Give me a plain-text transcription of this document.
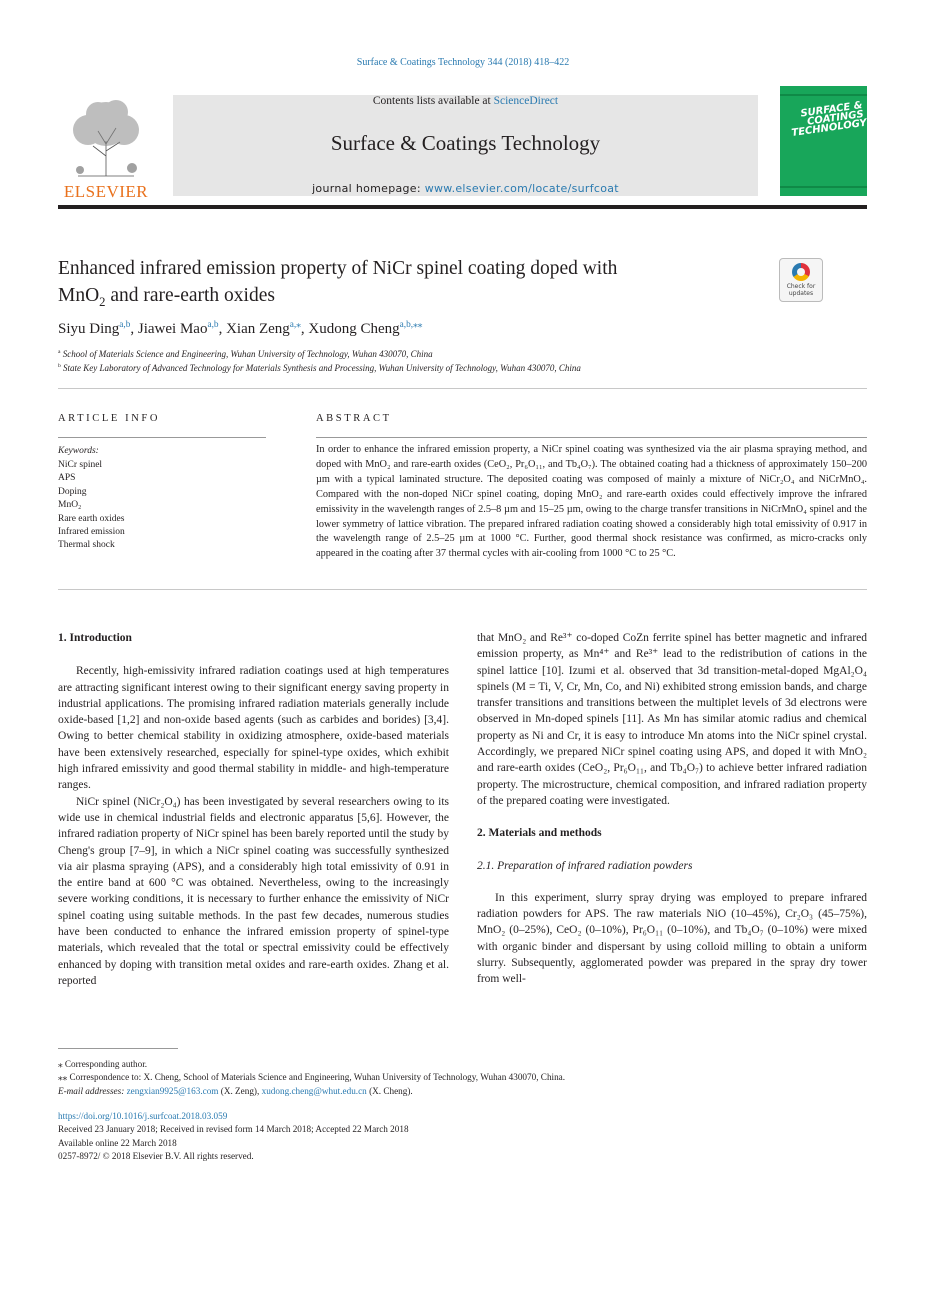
Surface & Coatings Technology 344 (2018) 418–422
ELSEVIER
Contents lists available at ScienceDirect
Surface & Coatings Technology
journal homepage: www.elsevier.com/locate/surfcoat
SURFACE & COATINGS TECHNOLOGY
Enhanced infrared emission property of NiCr spinel coating doped with
MnO$_2$ and rare-earth oxides	Check for updates
Siyu Ding$^{a,b}$, Jiawei Mao$^{a,b}$, Xian Zeng$^{a,⁎}$, Xudong Cheng$^{a,b,⁎⁎}$
$^a$ School of Materials Science and Engineering, Wuhan University of Technology, Wuhan 430070, China
$^b$ State Key Laboratory of Advanced Technology for Materials Synthesis and Processing, Wuhan University of Technology, Wuhan 430070, China
ARTICLE INFO
Keywords:
NiCr spinel
APS
Doping
MnO₂
Rare earth oxides
Infrared emission
Thermal shock
ABSTRACT
In order to enhance the infrared emission property, a NiCr spinel coating was synthesized via the air plasma spraying method, and doped with MnO₂ and rare-earth oxides (CeO₂, Pr₆O₁₁, and Tb₄O₇). The obtained coating had a thickness of approximately 150–200 µm with a typical laminated structure. The deposited coating was composed of mainly a mixture of NiCr₂O₄ and NiCrMnO₄. Compared with the non-doped NiCr spinel coating, doping MnO₂ and rare-earth oxides could effectively improve the infrared emissivity in the wavelength ranges of 2.5–8 µm and 15–25 µm, owing to the charge transfer transitions in NiCrMnO₄ spinel and the lower symmetry of lattice vibration. The prepared infrared radiation coating showed a considerably high total emissivity of 0.917 in the wavelength range of 2.5–25 µm at 1000 °C. Further, good thermal shock resistance was confirmed, as micro-cracks only appeared in the coating after 37 thermal cycles with air-cooling from 1000 °C to 25 °C.

1. Introduction

Recently, high-emissivity infrared radiation coatings used at high temperatures are attracting significant interest owing to their significant energy saving property in industrial applications. The promising infrared radiation materials generally include oxide-based [1,2] and non-oxide based agents (such as carbides and borides) [3,4]. Owing to better chemical stability in oxidizing atmosphere, oxide-based materials have been extensively researched, especially for spinel-type oxides, which exhibit high infrared emissivity and good thermal stability in middle- and high-temperature ranges.

NiCr spinel (NiCr₂O₄) has been investigated by several researchers owing to its wide use in chemical industrial fields and electronic apparatus [5,6]. However, the infrared radiation property of NiCr spinel has been barely reported until the study by Cheng's group [7–9], in which a NiCr spinel coating was successfully synthesized via air plasma spraying (APS), and a considerably high total emissivity of 0.91 in the entire band at 600 °C was obtained. Nevertheless, owing to the increasingly severe working conditions, it is necessary to further enhance the emissivity of NiCr spinel coating using suitable methods. In the past few decades, numerous studies have been conducted to enhance the infrared emission property of spinel-type materials, which revealed that the total or spectral emissivity could be effectively enhanced by doping with transition metal oxides and rare-earth oxides. Zhang et al. reported

that MnO₂ and Re³⁺ co-doped CoZn ferrite spinel has better magnetic and infrared emission property, as Mn⁴⁺ and Re³⁺ lead to the redistribution of cations in the spinel lattice [10]. Izumi et al. observed that 3d transition-metal-doped MgAl₂O₄ spinels (M = Ti, V, Cr, Mn, Co, and Ni) exhibited strong emission bands, and charge transfer transitions and transitions between the multiplet levels of 3d electrons were observed in Mn-doped spinels [11]. As Mn has similar atomic radius and chemical property as Ni and Cr, it is easy to introduce Mn atoms into the NiCr spinel crystal. Accordingly, we prepared NiCr spinel coating using APS, and doped it with MnO₂ and rare-earth oxides (CeO₂, Pr₆O₁₁, and Tb₄O₇) to achieve better infrared radiation property. The microstructure, chemical composition, and infrared radiation property of the prepared coating were investigated.

2. Materials and methods

2.1. Preparation of infrared radiation powders

In this experiment, slurry spray drying was employed to prepare infrared radiation powders for APS. The raw materials NiO (10–45%), Cr₂O₃ (45–75%), MnO₂ (0–25%), CeO₂ (0–10%), Pr₆O₁₁ (0–10%), and Tb₄O₇ (0–10%) were mixed with organic binder and dispersant by using colloid milling to obtain a uniform slurry. Subsequently, agglomerated powder was prepared in the spray dry tower from well-

⁎ Corresponding author.
⁎⁎ Correspondence to: X. Cheng, School of Materials Science and Engineering, Wuhan University of Technology, Wuhan 430070, China.
E-mail addresses: zengxian9925@163.com (X. Zeng), xudong.cheng@whut.edu.cn (X. Cheng).
https://doi.org/10.1016/j.surfcoat.2018.03.059
Received 23 January 2018; Received in revised form 14 March 2018; Accepted 22 March 2018
Available online 22 March 2018
0257-8972/ © 2018 Elsevier B.V. All rights reserved.
